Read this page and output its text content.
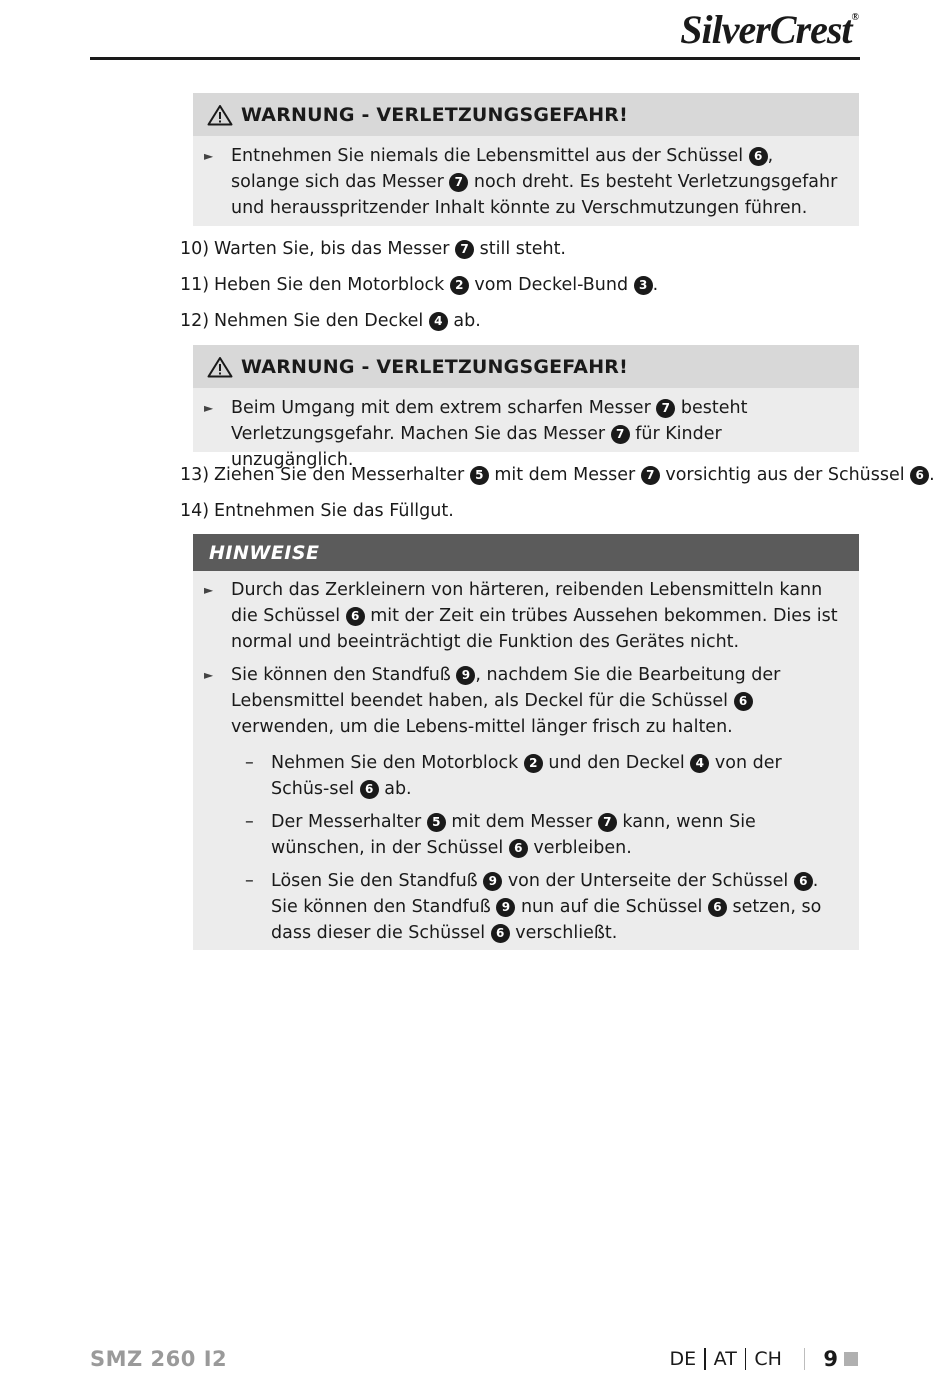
SilverCrest®
WARNUNG - VERLETZUNGSGEFAHR!
► Entnehmen Sie niemals die Lebensmittel aus der Schüssel 6 , solange sich das Messer 7 noch dreht. Es besteht Verletzungsgefahr und herausspritzender Inhalt könnte zu Verschmutzungen führen.
10) Warten Sie, bis das Messer 7 still steht.
11) Heben Sie den Motorblock 2 vom Deckel-Bund 3 .
12) Nehmen Sie den Deckel 4 ab.
WARNUNG - VERLETZUNGSGEFAHR!
► Beim Umgang mit dem extrem scharfen Messer 7 besteht Verletzungsgefahr. Machen Sie das Messer 7 für Kinder unzugänglich.
13) Ziehen Sie den Messerhalter 5 mit dem Messer 7 vorsichtig aus der Schüssel 6 .
14) Entnehmen Sie das Füllgut.
HINWEISE
► Durch das Zerkleinern von härteren, reibenden Lebensmitteln kann die Schüssel 6 mit der Zeit ein trübes Aussehen bekommen. Dies ist normal und beeinträchtigt die Funktion des Gerätes nicht.
► Sie können den Standfuß 9 , nachdem Sie die Bearbeitung der Lebensmittel beendet haben, als Deckel für die Schüssel 6 verwenden, um die Lebens-mittel länger frisch zu halten.
– Nehmen Sie den Motorblock 2 und den Deckel 4 von der Schüs-sel 6 ab.
– Der Messerhalter 5 mit dem Messer 7 kann, wenn Sie wünschen, in der Schüssel 6 verbleiben.
– Lösen Sie den Standfuß 9 von der Unterseite der Schüssel 6 . Sie können den Standfuß 9 nun auf die Schüssel 6 setzen, so dass dieser die Schüssel 6 verschließt.
SMZ 260 I2	DE AT CH 9
